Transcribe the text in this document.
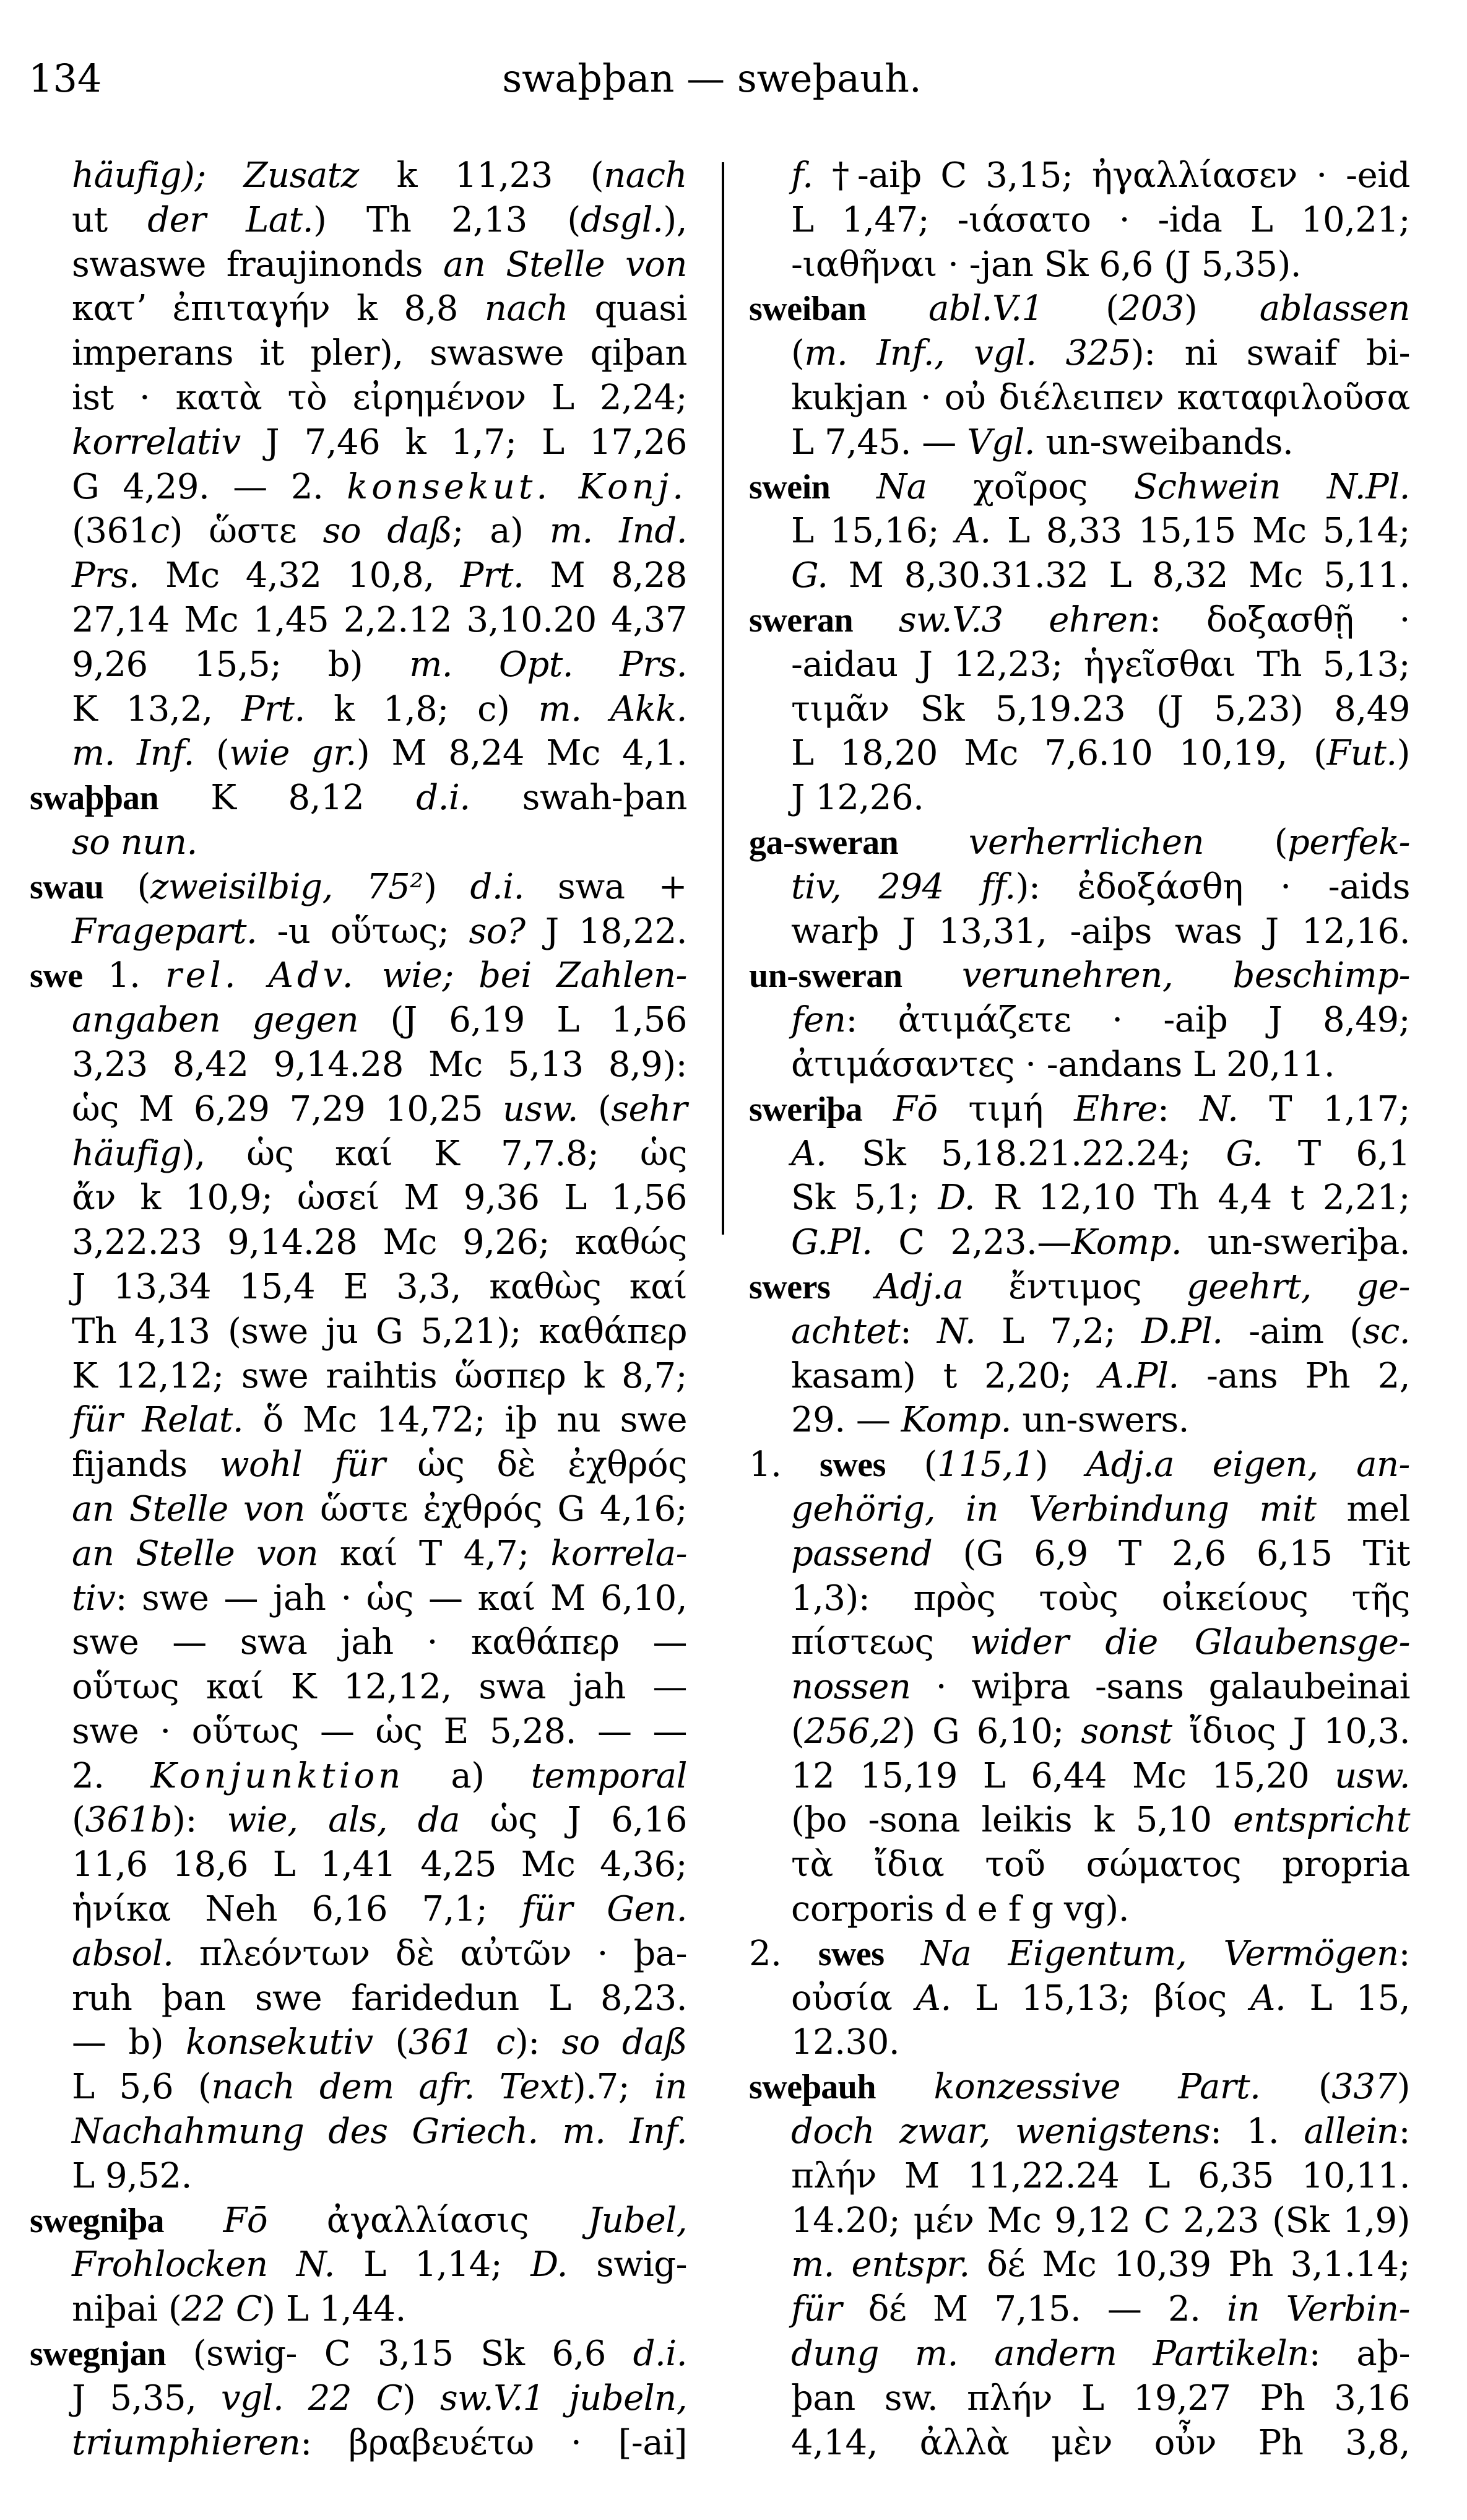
134	swaþþan — sweþauh.
häufig); Zusatz k 11,23 (nach
ut der Lat.) Th 2,13 (dsgl.),
swaswe fraujinonds an Stelle von
κατʼ ἐπιταγήν k 8,8 nach quasi
imperans it pler), swaswe qiþan
ist · κατὰ τὸ εἰρημένον L 2,24;
korrelativ J 7,46 k 1,7; L 17,26
G 4,29. — 2. konsekut. Konj.
(361c) ὥστε so daß; a) m. Ind.
Prs. Mc 4,32 10,8, Prt. M 8,28
27,14 Mc 1,45 2,2.12 3,10.20 4,37
9,26 15,5; b) m. Opt. Prs.
K 13,2, Prt. k 1,8; c) m. Akk.
m. Inf. (wie gr.) M 8,24 Mc 4,1.
swaþþan K 8,12 d.i. swah-þan
so nun.
swau (zweisilbig, 75²) d.i. swa +
Fragepart. -u οὕτως; so? J 18,22.
swe 1. rel. Adv. wie; bei Zahlen-
angaben gegen (J 6,19 L 1,56
3,23 8,42 9,14.28 Mc 5,13 8,9):
ὡς M 6,29 7,29 10,25 usw. (sehr
häufig), ὡς καί K 7,7.8; ὡς
ἄν k 10,9; ὡσεί M 9,36 L 1,56
3,22.23 9,14.28 Mc 9,26; καθώς
J 13,34 15,4 E 3,3, καθὼς καί
Th 4,13 (swe ju G 5,21); καθάπερ
K 12,12; swe raihtis ὥσπερ k 8,7;
für Relat. ὅ Mc 14,72; iþ nu swe
fijands wohl für ὡς δὲ ἐχθρός
an Stelle von ὥστε ἐχθρός G 4,16;
an Stelle von καί T 4,7; korrela-
tiv: swe — jah · ὡς — καί M 6,10,
swe — swa jah · καθάπερ —
οὕτως καί K 12,12, swa jah —
swe · οὕτως — ὡς E 5,28. — —
2. Konjunktion a) temporal
(361b): wie, als, da ὡς J 6,16
11,6 18,6 L 1,41 4,25 Mc 4,36;
ἡνίκα Neh 6,16 7,1; für Gen.
absol. πλεόντων δὲ αὐτῶν · þa-
ruh þan swe faridedun L 8,23.
— b) konsekutiv (361 c): so daß
L 5,6 (nach dem afr. Text).7; in
Nachahmung des Griech. m. Inf.
L 9,52.
swegniþa Fō ἀγαλλίασις Jubel,
Frohlocken N. L 1,14; D. swig-
niþai (22 C) L 1,44.
swegnjan (swig- C 3,15 Sk 6,6 d.i.
J 5,35, vgl. 22 C) sw.V.1 jubeln,
triumphieren: βραβευέτω · [-ai]
f. †-aiþ C 3,15; ἠγαλλίασεν · -eid
L 1,47; -ιάσατο · -ida L 10,21;
-ιαθῆναι · -jan Sk 6,6 (J 5,35).
sweiban abl.V.1 (203) ablassen
(m. Inf., vgl. 325): ni swaif bi-
kukjan · οὐ διέλειπεν καταφιλοῦσα
L 7,45. — Vgl. un-sweibands.
swein Na χοῖρος Schwein N.Pl.
L 15,16; A. L 8,33 15,15 Mc 5,14;
G. M 8,30.31.32 L 8,32 Mc 5,11.
sweran sw.V.3 ehren: δοξασθῇ ·
-aidau J 12,23; ἡγεῖσθαι Th 5,13;
τιμᾶν Sk 5,19.23 (J 5,23) 8,49
L 18,20 Mc 7,6.10 10,19, (Fut.)
J 12,26.
ga-sweran verherrlichen (perfek-
tiv, 294 ff.): ἐδοξάσθη · -aids
warþ J 13,31, -aiþs was J 12,16.
un-sweran verunehren, beschimp-
fen: ἀτιμάζετε · -aiþ J 8,49;
ἀτιμάσαντες · -andans L 20,11.
sweriþa Fō τιμή Ehre: N. T 1,17;
A. Sk 5,18.21.22.24; G. T 6,1
Sk 5,1; D. R 12,10 Th 4,4 t 2,21;
G.Pl. C 2,23.—Komp. un-sweriþa.
swers Adj.a ἔντιμος geehrt, ge-
achtet: N. L 7,2; D.Pl. -aim (sc.
kasam) t 2,20; A.Pl. -ans Ph 2,
29. — Komp. un-swers.
1. swes (115,1) Adj.a eigen, an-
gehörig, in Verbindung mit mel
passend (G 6,9 T 2,6 6,15 Tit
1,3): πρὸς τοὺς οἰκείους τῆς
πίστεως wider die Glaubensge-
nossen · wiþra -sans galaubeinai
(256,2) G 6,10; sonst ἴδιος J 10,3.
12 15,19 L 6,44 Mc 15,20 usw.
(þo -sona leikis k 5,10 entspricht
τὰ ἴδια τοῦ σώματος propria
corporis d e f g vg).
2. swes Na Eigentum, Vermögen:
οὐσία A. L 15,13; βίος A. L 15,
12.30.
sweþauh konzessive Part. (337)
doch zwar, wenigstens: 1. allein:
πλήν M 11,22.24 L 6,35 10,11.
14.20; μέν Mc 9,12 C 2,23 (Sk 1,9)
m. entspr. δέ Mc 10,39 Ph 3,1.14;
für δέ M 7,15. — 2. in Verbin-
dung m. andern Partikeln: aþ-
þan sw. πλήν L 19,27 Ph 3,16
4,14, ἀλλὰ μὲν οὖν Ph 3,8,
